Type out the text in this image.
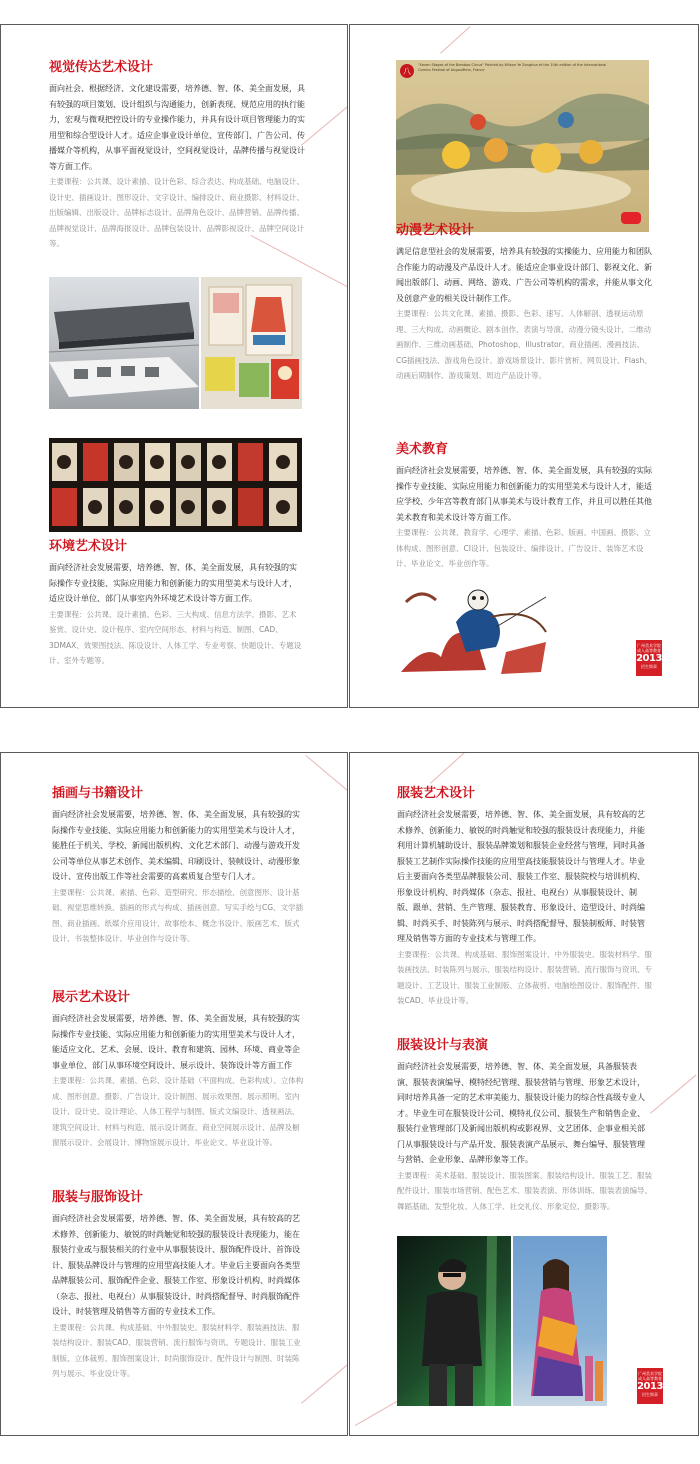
视觉传达艺术设计

面向社会、根据经济、文化建设需要，培养德、智、体、美全面发展，具有较强的项目策划、设计组织与沟通能力，创新表现、规范应用的执行能力，宏观与微观把控设计的专业操作能力，并具有设计项目管理能力的实用型和综合型设计人才。适应企事业设计单位、宣传部门、广告公司、传播媒介等机构，从事平面视觉设计，空间视觉设计，品牌传播与视觉设计等方面工作。

主要课程：公共课、设计素描、设计色彩、综合表达、构成基础、电脑设计、设计史、插画设计、图形设计、文字设计、编排设计、商业摄影、材料设计、出版编辑、出版设计、品牌标志设计、品牌角色设计、品牌营销、品牌传播、品牌视觉设计、品牌海报设计、品牌包装设计、品牌影视设计、品牌空间设计等。

环境艺术设计

面向经济社会发展需要，培养德、智、体、美全面发展，具有较强的实际操作专业技能、实际应用能力和创新能力的实用型美术与设计人才，适应设计单位、部门从事室内外环境艺术设计等方面工作。

主要课程：公共课、设计素描、色彩、三大构成、信息方法学、摄影、艺术鉴赏、设计史、设计程序、室内空间形态、材料与构造、制图、CAD、3DMAX、效果图技法、陈设设计、人体工学、专业考察、快题设计、专题设计、室外专题等。

八
"Seven Stages of the Bamboo Circus" Painted by Wilson Ye Zonghua et the 10th edition of the International Comics Festival of Angoulême, France

动漫艺术设计

满足信息型社会的发展需要，培养具有较强的实操能力、应用能力和团队合作能力的动漫及产品设计人才。能适应企事业设计部门、影视文化、新闻出版部门、动画、网络、游戏、广告公司等机构的需求，并能从事文化及创意产业的相关设计制作工作。

主要课程：公共文化课、素描、摄影、色彩、速写、人体解剖、透视运动原理、三大构成、动画概论、剧本创作、表演与导演、动漫分镜头设计、二维动画制作、三维动画基础、Photoshop、Illustrator、商业插画、漫画技法、CG插画技法、游戏角色设计、游戏场景设计、影片赏析、网页设计、Flash、动画后期制作、游戏策划、周边产品设计等。

美术教育

面向经济社会发展需要，培养德、智、体、美全面发展，具有较强的实际操作专业技能、实际应用能力和创新能力的实用型美术与设计人才，能适应学校、少年宫等教育部门从事美术与设计教育工作，并且可以胜任其他美术教育和美术设计等方面工作。

主要课程：公共课、教育学、心理学、素描、色彩、版画、中国画、摄影、立体构成、图形创意、CI设计、包装设计、编排设计、广告设计、装饰艺术设计、毕业论文、毕业创作等。

广州美术学院
成人高等教育
2013
招生简章

插画与书籍设计

面向经济社会发展需要，培养德、智、体、美全面发展，具有较强的实际操作专业技能、实际应用能力和创新能力的实用型美术与设计人才，能胜任于机关、学校、新闻出版机构、文化艺术部门、动漫与游戏开发公司等单位从事艺术创作、美术编辑、印刷设计、装帧设计、动漫形象设计、宣传出版工作等社会需要的高素质复合型专门人才。

主要课程：公共课、素描、色彩、造型研究、形态描绘、创意图形、设计基础、视觉思维转换、插画的形式与构成、插画创意、写实手绘与CG、文学插图、商业插画、纸媒介应用设计、故事绘本、概念书设计、版画艺术、版式设计、书装整体设计、毕业创作与设计等。

展示艺术设计

面向经济社会发展需要，培养德、智、体、美全面发展，具有较强的实际操作专业技能、实际应用能力和创新能力的实用型美术与设计人才，能适应文化、艺术、会展、设计、教育和建筑、园林、环境、商业等企事业单位、部门从事环境空间设计、展示设计、装饰设计等方面工作

主要课程：公共课、素描、色彩、设计基础（平面构成、色彩构成）、立体构成、图形创意、摄影、广告设计、设计制图、展示效果图、展示照明、室内设计、设计史、设计理论、人体工程学与制图、版式文编设计、透视画法、建筑空间设计、材料与构造、展示设计调查、商业空间展示设计、品牌及橱窗展示设计、会展设计、博物馆展示设计、毕业论文、毕业设计等。

服装与服饰设计

面向经济社会发展需要，培养德、智、体、美全面发展，具有较高的艺术修养、创新能力、敏锐的时尚触觉和较强的服装设计表现能力，能在服装行业或与服装相关的行业中从事服装设计、服饰配件设计、首饰设计、服装品牌设计与管理的应用型高技能人才。毕业后主要面向各类型品牌服装公司、服饰配件企业、服装工作室、形象设计机构、时尚媒体（杂志、报社、电视台）从事服装设计、时尚搭配督导、时尚服饰配件设计、时装管理及销售等方面的专业技术工作。

主要课程：公共课、构成基础、中外服装史、服装材料学、服装画技法、服装结构设计、服装CAD、服装营销、流行服饰与资讯、专题设计、服装工业制版、立体裁剪、服饰图案设计、时尚服饰设计、配件设计与制图、时装陈列与展示、毕业设计等。

服装艺术设计

面向经济社会发展需要，培养德、智、体、美全面发展，具有较高的艺术修养、创新能力、敏锐的时尚触觉和较强的服装设计表现能力，并能利用计算机辅助设计、服装品牌策划和服装企业经营与管理，同时具备服装工艺制作实际操作技能的应用型高技能服装设计与管理人才。毕业后主要面向各类型品牌服装公司、服装工作室、服装院校与培训机构、形象设计机构、时尚媒体（杂志、报社、电视台）从事服装设计、制版、跟单、营销、生产管理、服装教育、形象设计、造型设计、时尚编辑、时尚买手、时装陈列与展示、时尚搭配督导、服装制板师、时装管理及销售等方面的专业技术与管理工作。

主要课程：公共课、构成基础、服饰图案设计、中外服装史、服装材料学、服装画技法、时装陈列与展示、服装结构设计、服装营销、流行服饰与资讯、专题设计、工艺设计、服装工业制版、立体裁剪、电脑绘图设计、服饰配件、服装CAD、毕业设计等。

服装设计与表演

面向经济社会发展需要，培养德、智、体、美全面发展，具备服装表演、服装表演编导、模特经纪管理、服装营销与管理、形象艺术设计，同时培养具备一定的艺术审美能力、服装设计能力的综合性高级专业人才。毕业生可在服装设计公司、模特礼仪公司、服装生产和销售企业、服装行业管理部门及新闻出版机构或影视界、文艺团体、企事业相关部门从事服装设计与产品开发、服装表演产品展示、舞台编导、服装管理与营销、企业形象、品牌形象等工作。

主要课程：美术基础、服装设计、服装图案、服装结构设计、服装工艺、服装配件设计、服装市场营销、配色艺术、服装表演、形体训练、服装表演编导、舞蹈基础、发型化妆、人体工学、社交礼仪、形象定位、摄影等。

广州美术学院
成人高等教育
2013
招生简章
